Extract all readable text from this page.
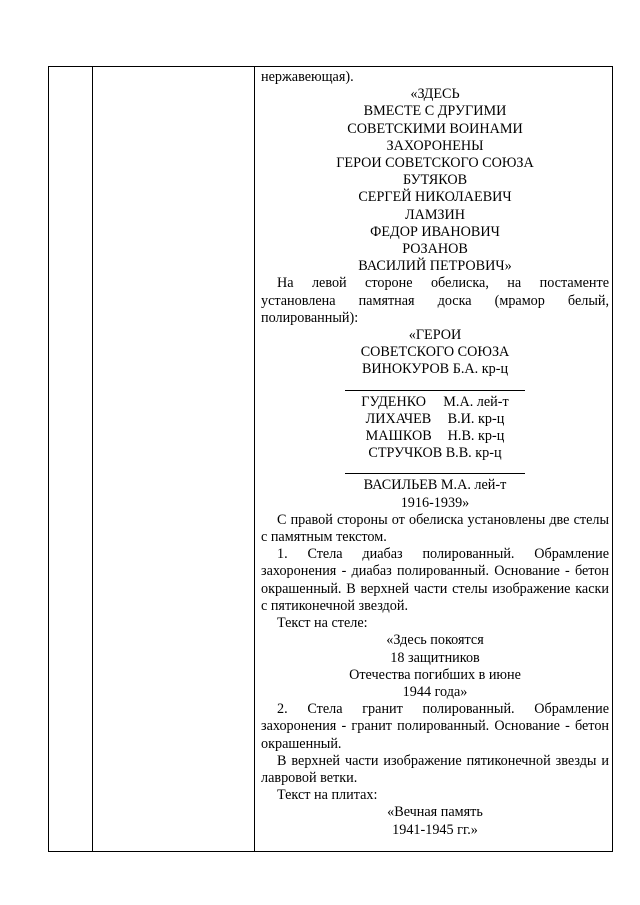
нержавеющая).

«ЗДЕСЬ

ВМЕСТЕ С ДРУГИМИ

СОВЕТСКИМИ ВОИНАМИ

ЗАХОРОНЕНЫ

ГЕРОИ СОВЕТСКОГО СОЮЗА

БУТЯКОВ

СЕРГЕЙ НИКОЛАЕВИЧ

ЛАМЗИН

ФЕДОР ИВАНОВИЧ

РОЗАНОВ

ВАСИЛИЙ ПЕТРОВИЧ»

На левой стороне обелиска, на постаменте установлена памятная доска (мрамор белый, полированный):

«ГЕРОИ

СОВЕТСКОГО СОЮЗА

ВИНОКУРОВ Б.А. кр-ц

ГУДЕНКО	М.А. лей-т
ЛИХАЧЕВ	В.И. кр-ц
МАШКОВ	Н.В. кр-ц

СТРУЧКОВ В.В. кр-ц

ВАСИЛЬЕВ М.А. лей-т

1916-1939»

С правой стороны от обелиска установлены две стелы с памятным текстом.

1. Стела диабаз полированный. Обрамление захоронения - диабаз полированный. Основание - бетон окрашенный. В верхней части стелы изображение каски с пятиконечной звездой.

Текст на стеле:

«Здесь покоятся

18 защитников

Отечества погибших в июне

1944 года»

2. Стела гранит полированный. Обрамление захоронения - гранит полированный. Основание - бетон окрашенный.

В верхней части изображение пятиконечной звезды и лавровой ветки.

Текст на плитах:

«Вечная память

1941-1945 гг.»
